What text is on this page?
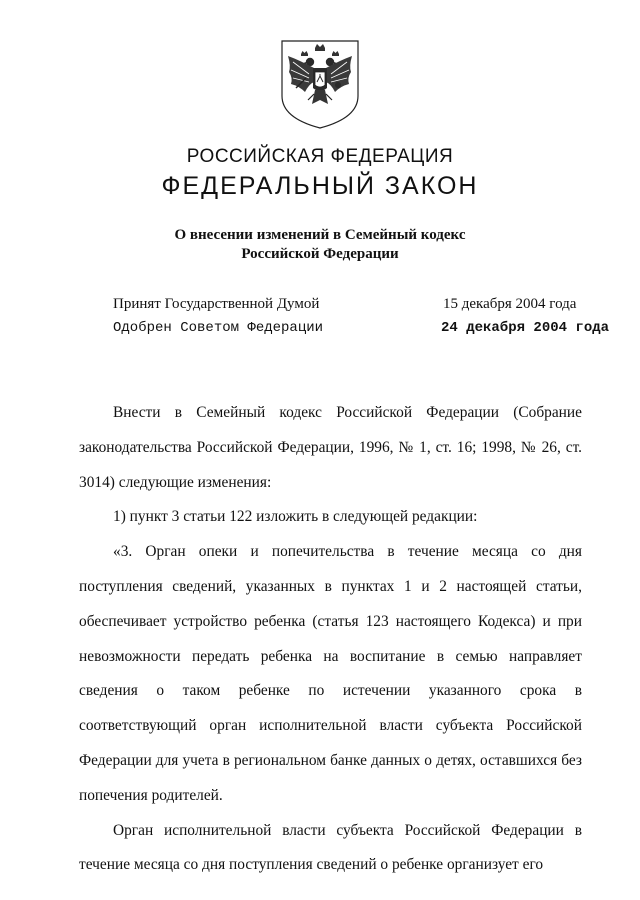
РОССИЙСКАЯ ФЕДЕРАЦИЯ
ФЕДЕРАЛЬНЫЙ ЗАКОН
О внесении изменений в Семейный кодекс
Российской Федерации
Принят Государственной Думой	15 декабря 2004 года
Одобрен Советом Федерации	24 декабря 2004 года

Внести в Семейный кодекс Российской Федерации (Собрание законодательства Российской Федерации, 1996, № 1, ст. 16; 1998, № 26, ст. 3014) следующие изменения:

1) пункт 3 статьи 122 изложить в следующей редакции:

«3. Орган опеки и попечительства в течение месяца со дня поступления сведений, указанных в пунктах 1 и 2 настоящей статьи, обеспечивает устройство ребенка (статья 123 настоящего Кодекса) и при невозможности передать ребенка на воспитание в семью направляет сведения о таком ребенке по истечении указанного срока в соответствующий орган исполнительной власти субъекта Российской Федерации для учета в региональном банке данных о детях, оставшихся без попечения родителей.

Орган исполнительной власти субъекта Российской Федерации в течение месяца со дня поступления сведений о ребенке организует его
